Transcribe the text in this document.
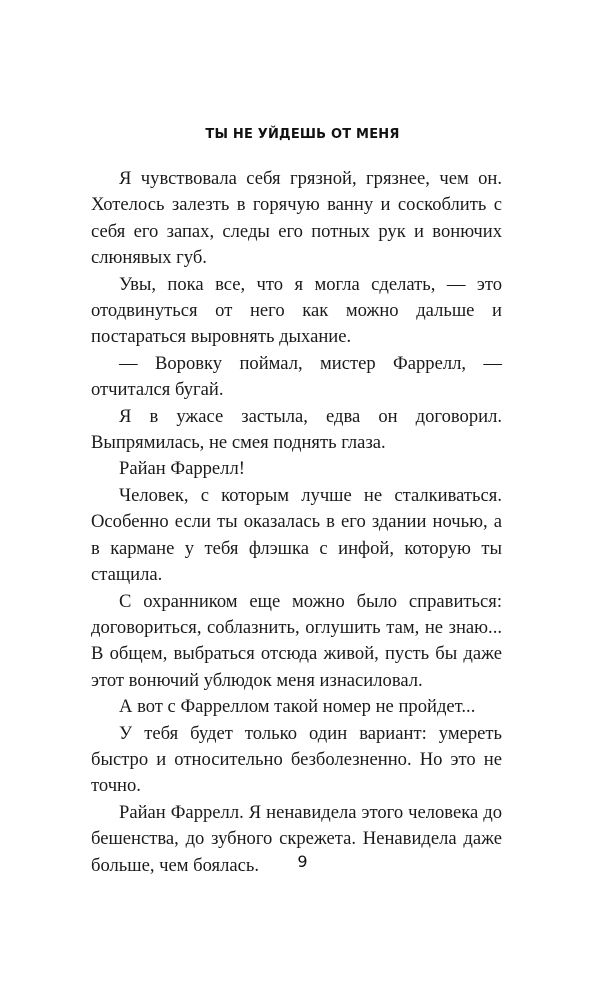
ТЫ НЕ УЙДЕШЬ ОТ МЕНЯ

Я чувствовала себя грязной, грязнее, чем он. Хотелось залезть в горячую ванну и соскоблить с себя его запах, следы его потных рук и вонючих слюнявых губ.

Увы, пока все, что я могла сделать, — это отодвинуться от него как можно дальше и постараться выровнять дыхание.

— Воровку поймал, мистер Фаррелл, — отчитался бугай.

Я в ужасе застыла, едва он договорил. Выпрямилась, не смея поднять глаза.

Райан Фаррелл!

Человек, с которым лучше не сталкиваться. Особенно если ты оказалась в его здании ночью, а в кармане у тебя флэшка с инфой, которую ты стащила.

С охранником еще можно было справиться: договориться, соблазнить, оглушить там, не знаю... В общем, выбраться отсюда живой, пусть бы даже этот вонючий ублюдок меня изнасиловал.

А вот с Фарреллом такой номер не пройдет...

У тебя будет только один вариант: умереть быстро и относительно безболезненно. Но это не точно.

Райан Фаррелл. Я ненавидела этого человека до бешенства, до зубного скрежета. Ненавидела даже больше, чем боялась.	9
